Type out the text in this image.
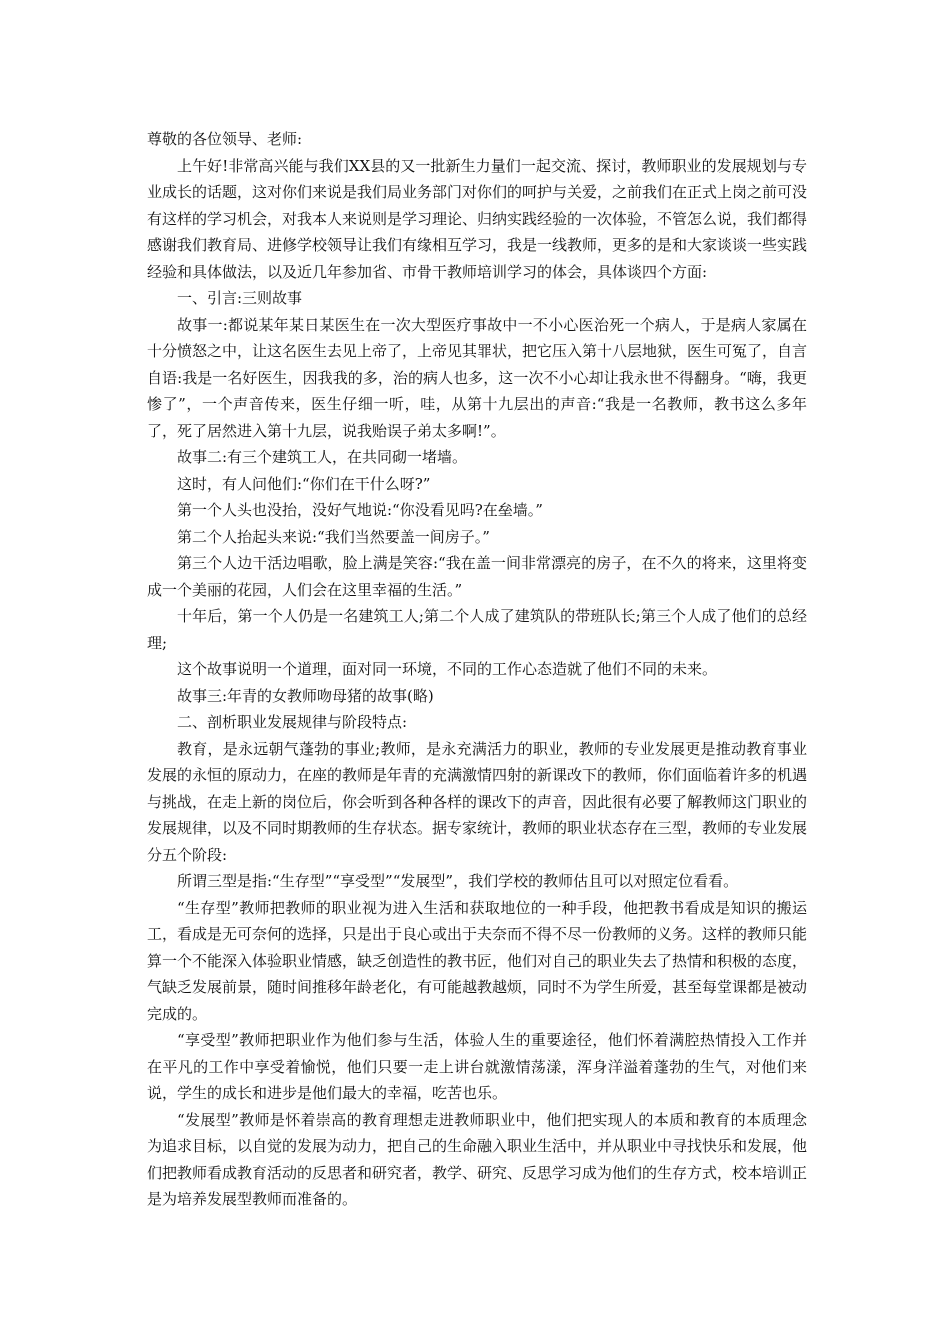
尊敬的各位领导、老师:

上午好!非常高兴能与我们XX县的又一批新生力量们一起交流、探讨，教师职业的发展规划与专业成长的话题，这对你们来说是我们局业务部门对你们的呵护与关爱，之前我们在正式上岗之前可没有这样的学习机会，对我本人来说则是学习理论、归纳实践经验的一次体验，不管怎么说，我们都得感谢我们教育局、进修学校领导让我们有缘相互学习，我是一线教师，更多的是和大家谈谈一些实践经验和具体做法，以及近几年参加省、市骨干教师培训学习的体会，具体谈四个方面:

一、引言:三则故事

故事一:都说某年某日某医生在一次大型医疗事故中一不小心医治死一个病人，于是病人家属在十分愤怒之中，让这名医生去见上帝了，上帝见其罪状，把它压入第十八层地狱，医生可冤了，自言自语:我是一名好医生，因我我的多，治的病人也多，这一次不小心却让我永世不得翻身。“嗨，我更惨了”，一个声音传来，医生仔细一听，哇，从第十九层出的声音:“我是一名教师，教书这么多年了，死了居然进入第十九层，说我贻误子弟太多啊!”。

故事二:有三个建筑工人，在共同砌一堵墙。

这时，有人问他们:“你们在干什么呀?”

第一个人头也没抬，没好气地说:“你没看见吗?在垒墙。”

第二个人抬起头来说:“我们当然要盖一间房子。”

第三个人边干活边唱歌，脸上满是笑容:“我在盖一间非常漂亮的房子，在不久的将来，这里将变成一个美丽的花园，人们会在这里幸福的生活。”

十年后，第一个人仍是一名建筑工人;第二个人成了建筑队的带班队长;第三个人成了他们的总经理;

这个故事说明一个道理，面对同一环境，不同的工作心态造就了他们不同的未来。

故事三:年青的女教师吻母猪的故事(略)

二、剖析职业发展规律与阶段特点:

教育，是永远朝气蓬勃的事业;教师，是永充满活力的职业，教师的专业发展更是推动教育事业发展的永恒的原动力，在座的教师是年青的充满激情四射的新课改下的教师，你们面临着许多的机遇与挑战，在走上新的岗位后，你会听到各种各样的课改下的声音，因此很有必要了解教师这门职业的发展规律，以及不同时期教师的生存状态。据专家统计，教师的职业状态存在三型，教师的专业发展分五个阶段:

所谓三型是指:“生存型”“享受型”“发展型”，我们学校的教师估且可以对照定位看看。

“生存型”教师把教师的职业视为进入生活和获取地位的一种手段，他把教书看成是知识的搬运工，看成是无可奈何的选择，只是出于良心或出于夫奈而不得不尽一份教师的义务。这样的教师只能算一个不能深入体验职业情感，缺乏创造性的教书匠，他们对自己的职业失去了热情和积极的态度，气缺乏发展前景，随时间推移年龄老化，有可能越教越烦，同时不为学生所爱，甚至每堂课都是被动完成的。

“享受型”教师把职业作为他们参与生活，体验人生的重要途径，他们怀着满腔热情投入工作并在平凡的工作中享受着愉悦，他们只要一走上讲台就激情荡漾，浑身洋溢着蓬勃的生气，对他们来说，学生的成长和进步是他们最大的幸福，吃苦也乐。

“发展型”教师是怀着崇高的教育理想走进教师职业中，他们把实现人的本质和教育的本质理念为追求目标，以自觉的发展为动力，把自己的生命融入职业生活中，并从职业中寻找快乐和发展，他们把教师看成教育活动的反思者和研究者，教学、研究、反思学习成为他们的生存方式，校本培训正是为培养发展型教师而准备的。
